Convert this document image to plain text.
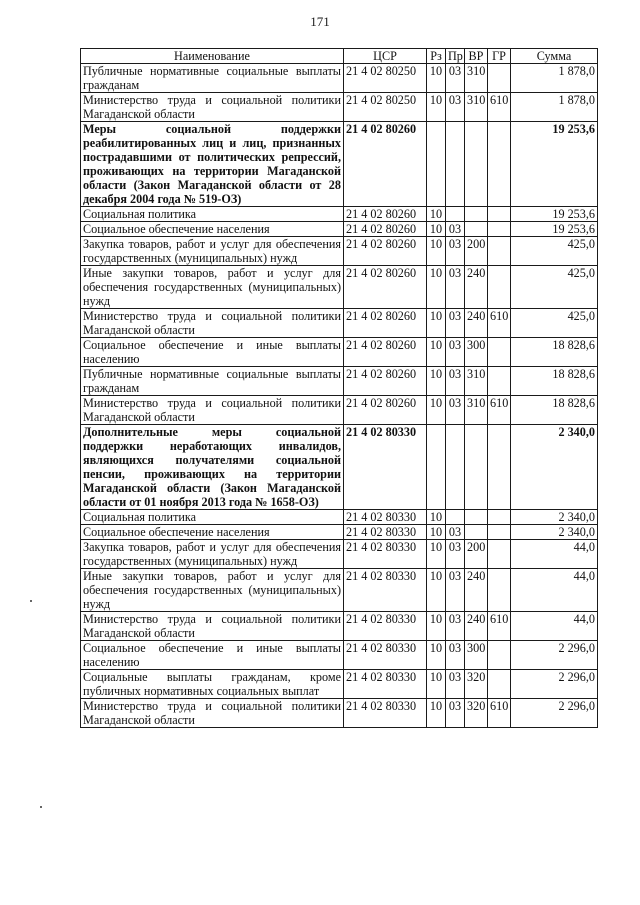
171
Наименование	ЦСР	Рз	Пр	ВР	ГР	Сумма
Публичные нормативные социальные выплаты гражданам	21 4 02 80250	10	03	310		1 878,0
Министерство труда и социальной политики Магаданской области	21 4 02 80250	10	03	310	610	1 878,0
Меры социальной поддержки реабилитированных лиц и лиц, признанных пострадавшими от политических репрессий, проживающих на территории Магаданской области (Закон Магаданской области от 28 декабря 2004 года № 519-ОЗ)	21 4 02 80260					19 253,6
Социальная политика	21 4 02 80260	10				19 253,6
Социальное обеспечение населения	21 4 02 80260	10	03			19 253,6
Закупка товаров, работ и услуг для обеспечения государственных (муниципальных) нужд	21 4 02 80260	10	03	200		425,0
Иные закупки товаров, работ и услуг для обеспечения государственных (муниципальных) нужд	21 4 02 80260	10	03	240		425,0
Министерство труда и социальной политики Магаданской области	21 4 02 80260	10	03	240	610	425,0
Социальное обеспечение и иные выплаты населению	21 4 02 80260	10	03	300		18 828,6
Публичные нормативные социальные выплаты гражданам	21 4 02 80260	10	03	310		18 828,6
Министерство труда и социальной политики Магаданской области	21 4 02 80260	10	03	310	610	18 828,6
Дополнительные меры социальной поддержки неработающих инвалидов, являющихся получателями социальной пенсии, проживающих на территории Магаданской области (Закон Магаданской области от 01 ноября 2013 года № 1658-ОЗ)	21 4 02 80330					2 340,0
Социальная политика	21 4 02 80330	10				2 340,0
Социальное обеспечение населения	21 4 02 80330	10	03			2 340,0
Закупка товаров, работ и услуг для обеспечения государственных (муниципальных) нужд	21 4 02 80330	10	03	200		44,0
Иные закупки товаров, работ и услуг для обеспечения государственных (муниципальных) нужд	21 4 02 80330	10	03	240		44,0
Министерство труда и социальной политики Магаданской области	21 4 02 80330	10	03	240	610	44,0
Социальное обеспечение и иные выплаты населению	21 4 02 80330	10	03	300		2 296,0
Социальные выплаты гражданам, кроме публичных нормативных социальных выплат	21 4 02 80330	10	03	320		2 296,0
Министерство труда и социальной политики Магаданской области	21 4 02 80330	10	03	320	610	2 296,0
